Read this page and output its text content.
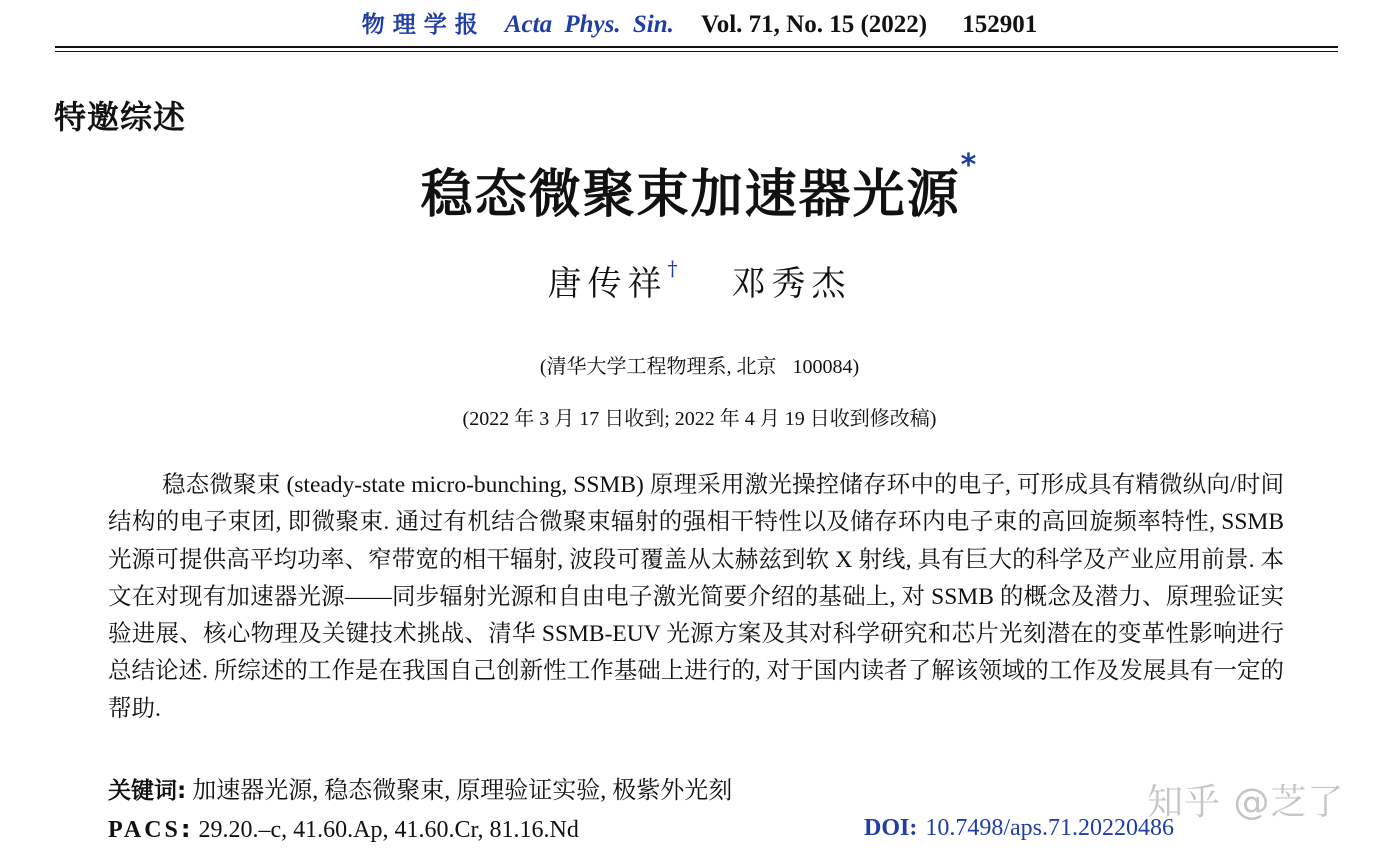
物理学报 Acta Phys. Sin. Vol. 71, No. 15 (2022) 152901
特邀综述
稳态微聚束加速器光源*
唐传祥† 邓秀杰
(清华大学工程物理系, 北京 100084)
(2022 年 3 月 17 日收到; 2022 年 4 月 19 日收到修改稿)
稳态微聚束 (steady-state micro-bunching, SSMB) 原理采用激光操控储存环中的电子, 可形成具有精微纵向/时间结构的电子束团, 即微聚束. 通过有机结合微聚束辐射的强相干特性以及储存环内电子束的高回旋频率特性, SSMB 光源可提供高平均功率、窄带宽的相干辐射, 波段可覆盖从太赫兹到软 X 射线, 具有巨大的科学及产业应用前景. 本文在对现有加速器光源——同步辐射光源和自由电子激光简要介绍的基础上, 对 SSMB 的概念及潜力、原理验证实验进展、核心物理及关键技术挑战、清华 SSMB-EUV 光源方案及其对科学研究和芯片光刻潜在的变革性影响进行总结论述. 所综述的工作是在我国自己创新性工作基础上进行的, 对于国内读者了解该领域的工作及发展具有一定的帮助.
关键词: 加速器光源, 稳态微聚束, 原理验证实验, 极紫外光刻
PACS: 29.20.–c, 41.60.Ap, 41.60.Cr, 81.16.Nd	DOI: 10.7498/aps.71.20220486
知乎 @芝了
